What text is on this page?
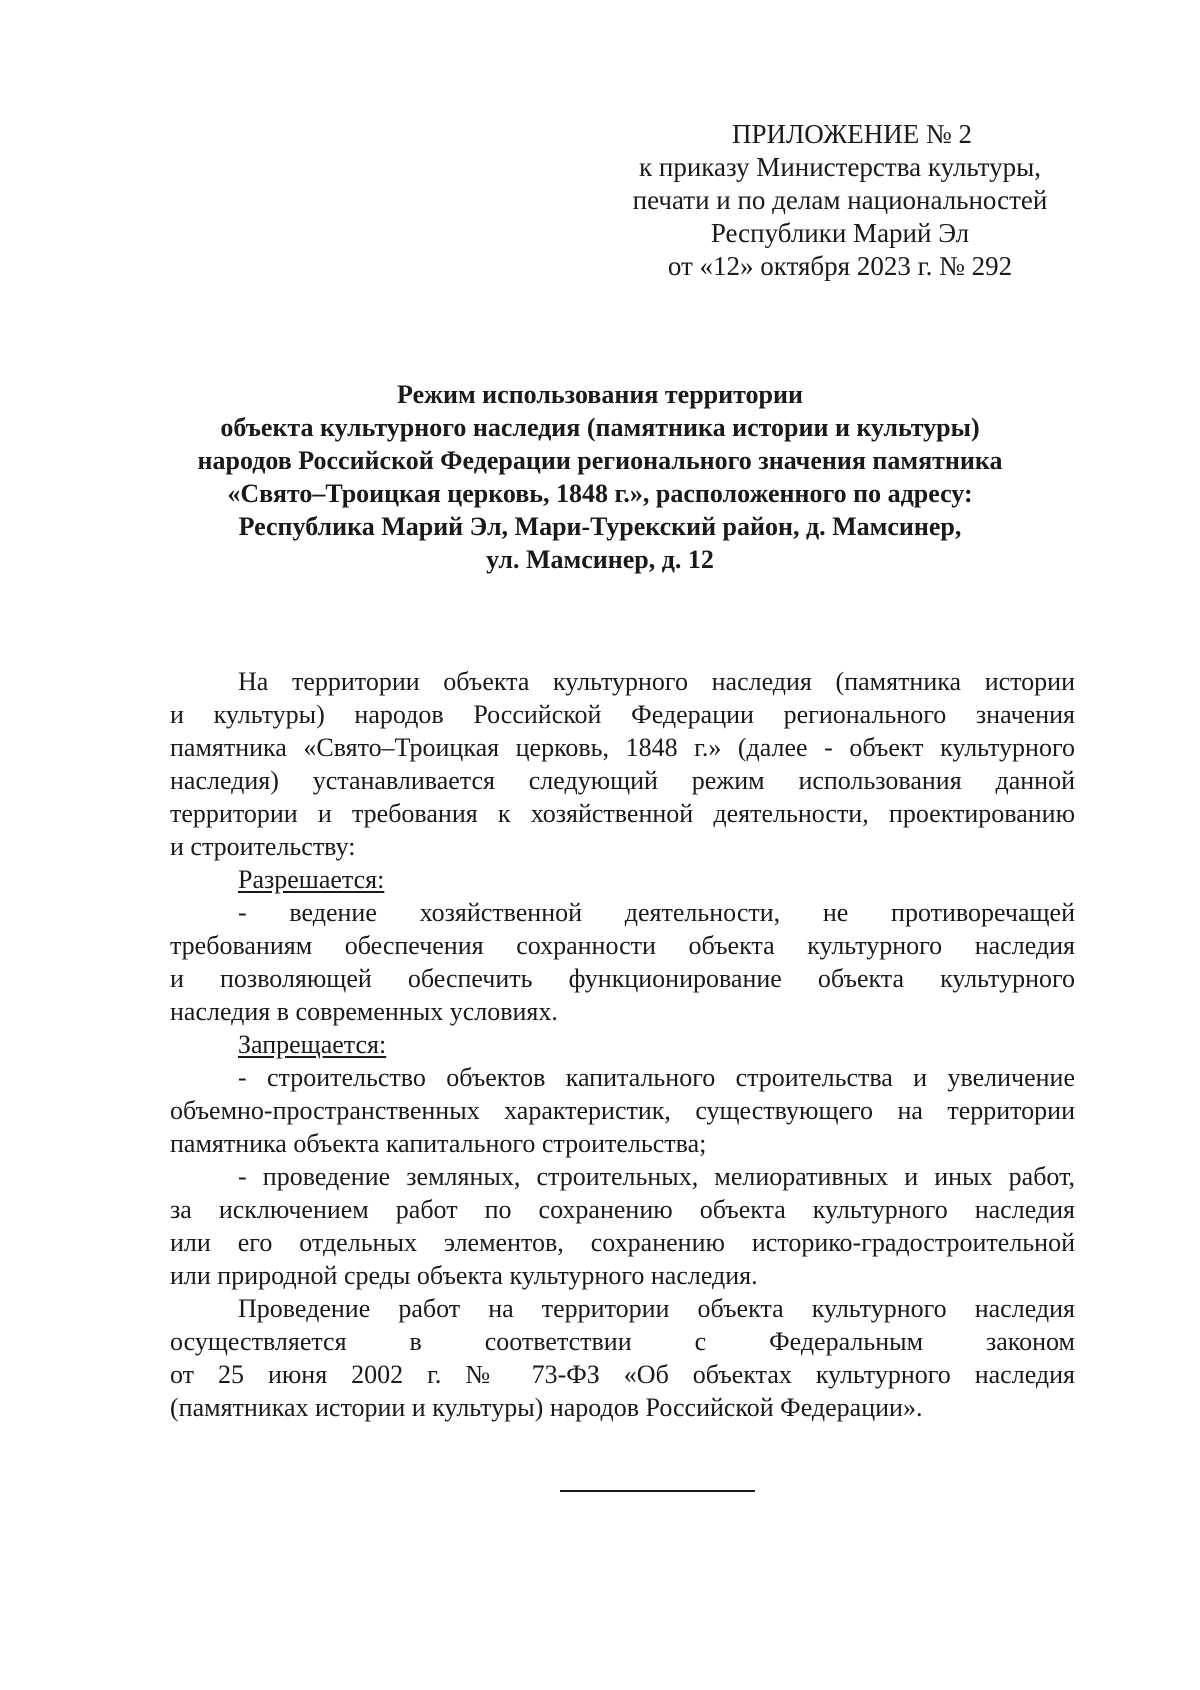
ПРИЛОЖЕНИЕ № 2
к приказу Министерства культуры,
печати и по делам национальностей
Республики Марий Эл
от «12» октября 2023 г. № 292
Режим использования территории
объекта культурного наследия (памятника истории и культуры)
народов Российской Федерации регионального значения памятника
«Свято–Троицкая церковь, 1848 г.», расположенного по адресу:
Республика Марий Эл, Мари-Турекский район, д. Мамсинер,
ул. Мамсинер, д. 12
На территории объекта культурного наследия (памятника истории
и культуры) народов Российской Федерации регионального значения
памятника «Свято–Троицкая церковь, 1848 г.» (далее - объект культурного
наследия) устанавливается следующий режим использования данной
территории и требования к хозяйственной деятельности, проектированию
и строительству:
Разрешается:
- ведение хозяйственной деятельности, не противоречащей
требованиям обеспечения сохранности объекта культурного наследия
и позволяющей обеспечить функционирование объекта культурного
наследия в современных условиях.
Запрещается:
- строительство объектов капитального строительства и увеличение
объемно-пространственных характеристик, существующего на территории
памятника объекта капитального строительства;
- проведение земляных, строительных, мелиоративных и иных работ,
за исключением работ по сохранению объекта культурного наследия
или его отдельных элементов, сохранению историко-градостроительной
или природной среды объекта культурного наследия.
Проведение работ на территории объекта культурного наследия
осуществляется в соответствии с Федеральным законом
от 25 июня 2002 г. № 73-ФЗ «Об объектах культурного наследия
(памятниках истории и культуры) народов Российской Федерации».
